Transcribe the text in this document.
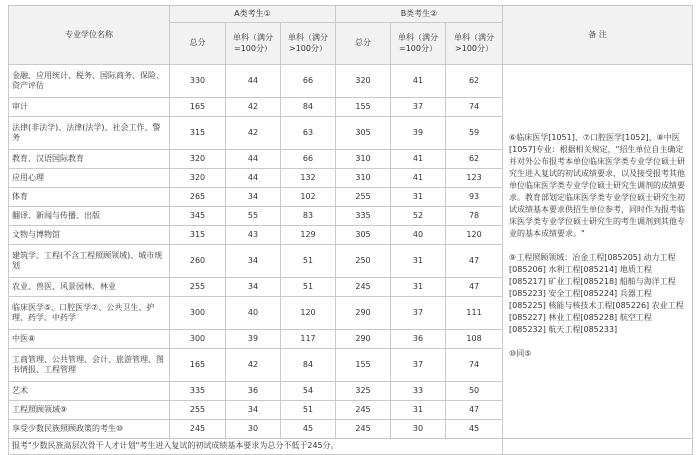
专业学位名称	A类考生①			B类考生②			备 注
	总分	单科（满分=100分）	单科（满分>100分）	总分	单科（满分=100分）	单科（满分>100分）	
金融、应用统计、税务、国际商务、保险、资产评估	330	44	66	320	41	62	⑥临床医学[1051]、⑦口腔医学[1052]、⑧中医[1057]专业：根据相关规定，"招生单位自主确定并对外公布报考本单位临床医学类专业学位硕士研究生进入复试的初试成绩要求，以及接受报考其他单位临床医学类专业学位硕士研究生调剂的成绩要求。教育部划定临床医学类专业学位硕士研究生初试成绩基本要求供招生单位参考，同时作为报考临床医学类专业学位硕士研究生的考生调剂到其他专业的基本成绩要求。"

⑨工程照顾领域：冶金工程[085205] 动力工程[085206] 水利工程[085214] 地质工程[085217] 矿业工程[085218] 船舶与海洋工程[085223] 安全工程[085224] 兵器工程[085225] 核能与核技术工程[085226] 农业工程[085227] 林业工程[085228] 航空工程[085232] 航天工程[085233]

⑩同⑤

审计	165	42	84	155	37	74	
法律(非法学)、法律(法学)、社会工作、警务	315	42	63	305	39	59	
教育、汉语国际教育	320	44	66	310	41	62	
应用心理	320	44	132	310	41	123	
体育	265	34	102	255	31	93	
翻译、新闻与传播、出版	345	55	83	335	52	78	
文物与博物馆	315	43	129	305	40	120	
建筑学、工程(不含工程照顾领域)、城市规划	260	34	51	250	31	47	
农业、兽医、风景园林、林业	255	34	51	245	31	47	
临床医学⑤、口腔医学⑦、公共卫生、护理、药学、中药学	300	40	120	290	37	111	
中医⑧	300	39	117	290	36	108	
工商管理、公共管理、会计、旅游管理、图书情报、工程管理	165	42	84	155	37	74	
艺术	335	36	54	325	33	50	
工程照顾领域⑨	255	34	51	245	31	47	
享受少数民族照顾政策的考生⑩	245	30	45	245	30	45	
报考"少数民族高层次骨干人才计划"考生进入复试的初试成绩基本要求为总分不低于245分。							
